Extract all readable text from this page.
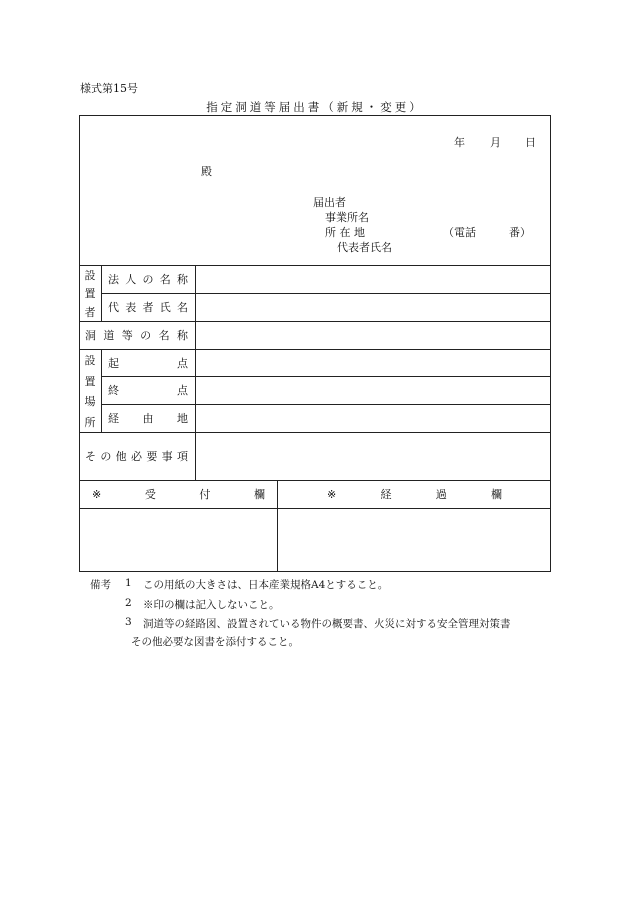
様式第15号
指定洞道等届出書（新規・変更）
年 月 日
殿
届出者
事業所名
所 在 地	（電話　　　番）
代表者氏名
設
置
者
法 人 の 名 称
代 表 者 氏 名
洞 道 等 の 名 称
設
置
場
所
起	点
終	点
経 由 地
そ の 他 必 要 事 項
※	受	付	欄	※	経	過	欄
備考 1 この用紙の大きさは、日本産業規格A4とすること。
2 ※印の欄は記入しないこと。
3 洞道等の経路図、設置されている物件の概要書、火災に対する安全管理対策書
その他必要な図書を添付すること。
